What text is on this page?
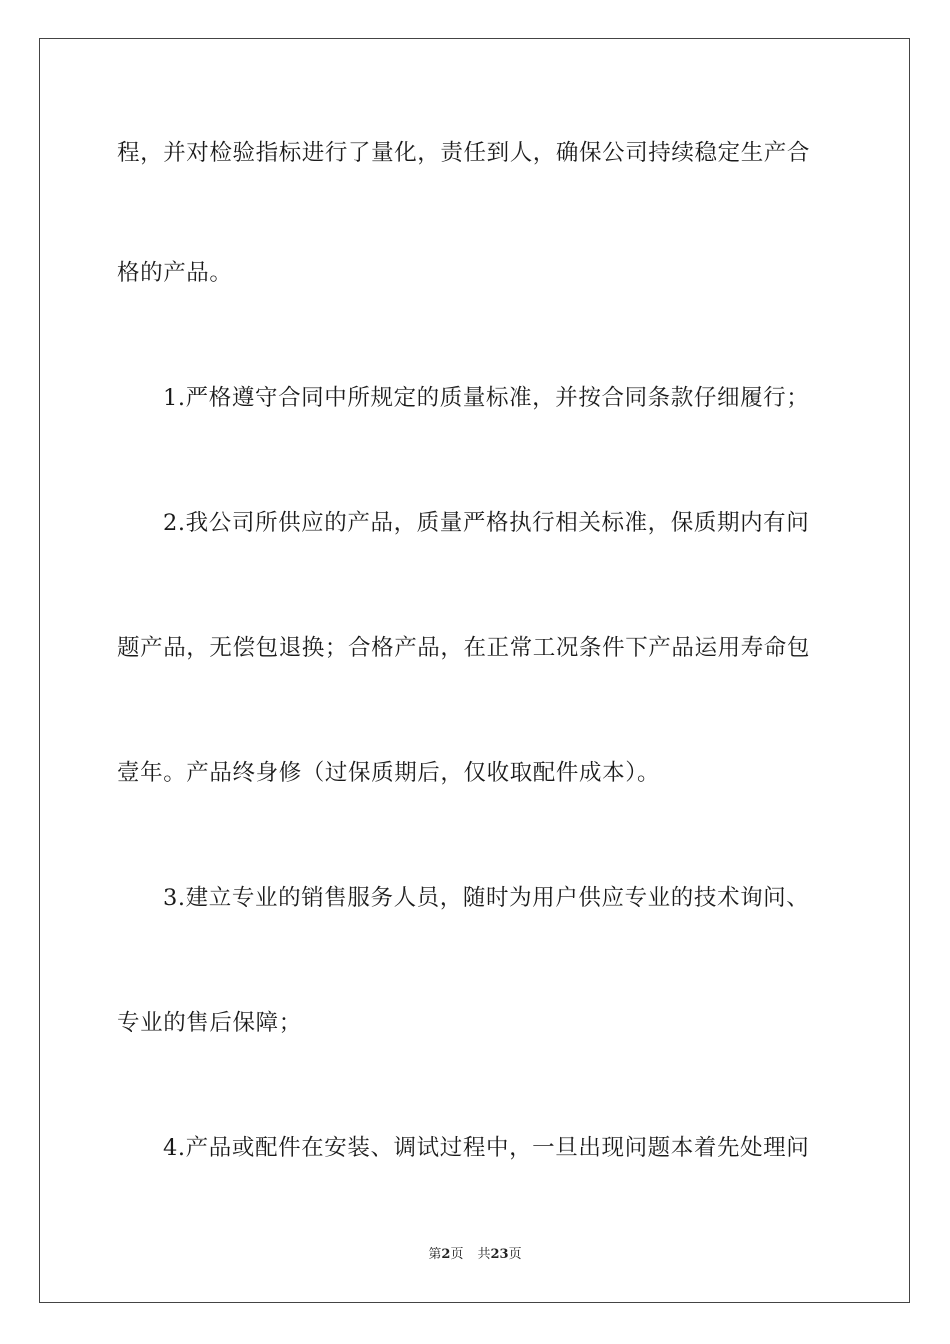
程，并对检验指标进行了量化，责任到人，确保公司持续稳定生产合
格的产品。
1.严格遵守合同中所规定的质量标准，并按合同条款仔细履行；
2.我公司所供应的产品，质量严格执行相关标准，保质期内有问
题产品，无偿包退换；合格产品，在正常工况条件下产品运用寿命包
壹年。产品终身修（过保质期后，仅收取配件成本）。
3.建立专业的销售服务人员，随时为用户供应专业的技术询问、
专业的售后保障；
4.产品或配件在安装、调试过程中，一旦出现问题本着先处理问
第2页 共23页
